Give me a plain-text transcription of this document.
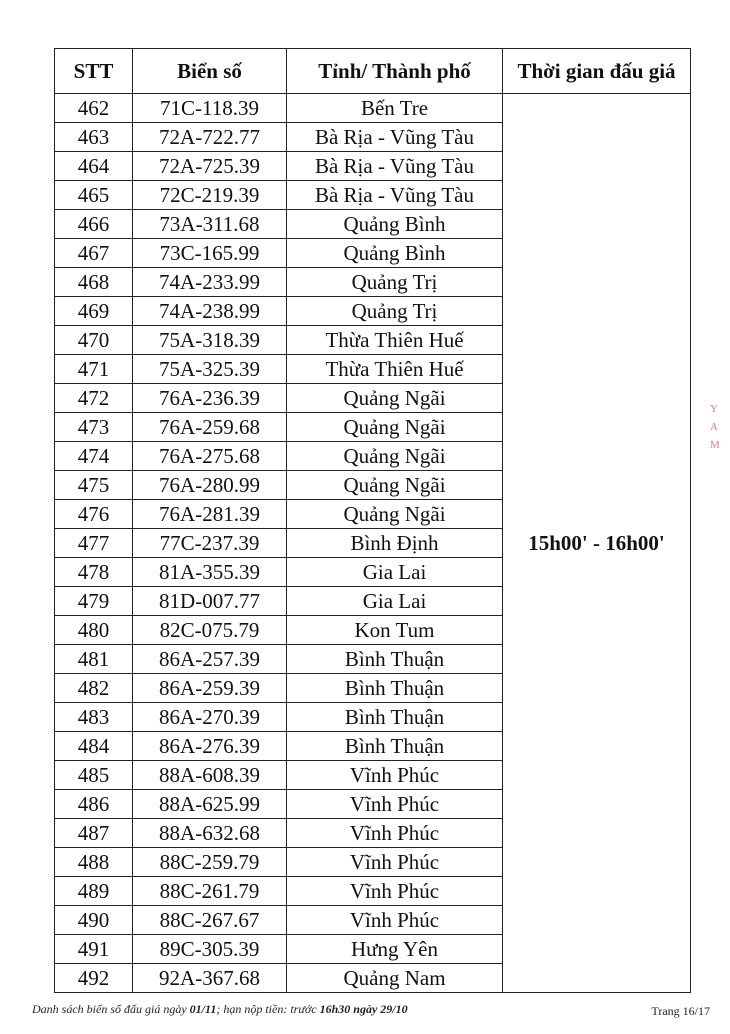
STT	Biển số	Tỉnh/ Thành phố	Thời gian đấu giá
462	71C-118.39	Bến Tre	15h00' - 16h00'
463	72A-722.77	Bà Rịa - Vũng Tàu	
464	72A-725.39	Bà Rịa - Vũng Tàu	
465	72C-219.39	Bà Rịa - Vũng Tàu	
466	73A-311.68	Quảng Bình	
467	73C-165.99	Quảng Bình	
468	74A-233.99	Quảng Trị	
469	74A-238.99	Quảng Trị	
470	75A-318.39	Thừa Thiên Huế	
471	75A-325.39	Thừa Thiên Huế	
472	76A-236.39	Quảng Ngãi	
473	76A-259.68	Quảng Ngãi	
474	76A-275.68	Quảng Ngãi	
475	76A-280.99	Quảng Ngãi	
476	76A-281.39	Quảng Ngãi	
477	77C-237.39	Bình Định	
478	81A-355.39	Gia Lai	
479	81D-007.77	Gia Lai	
480	82C-075.79	Kon Tum	
481	86A-257.39	Bình Thuận	
482	86A-259.39	Bình Thuận	
483	86A-270.39	Bình Thuận	
484	86A-276.39	Bình Thuận	
485	88A-608.39	Vĩnh Phúc	
486	88A-625.99	Vĩnh Phúc	
487	88A-632.68	Vĩnh Phúc	
488	88C-259.79	Vĩnh Phúc	
489	88C-261.79	Vĩnh Phúc	
490	88C-267.67	Vĩnh Phúc	
491	89C-305.39	Hưng Yên	
492	92A-367.68	Quảng Nam	
Danh sách biển số đấu giá ngày 01/11; hạn nộp tiền: trước 16h30 ngày 29/10	Trang 16/17
Y
A
M
